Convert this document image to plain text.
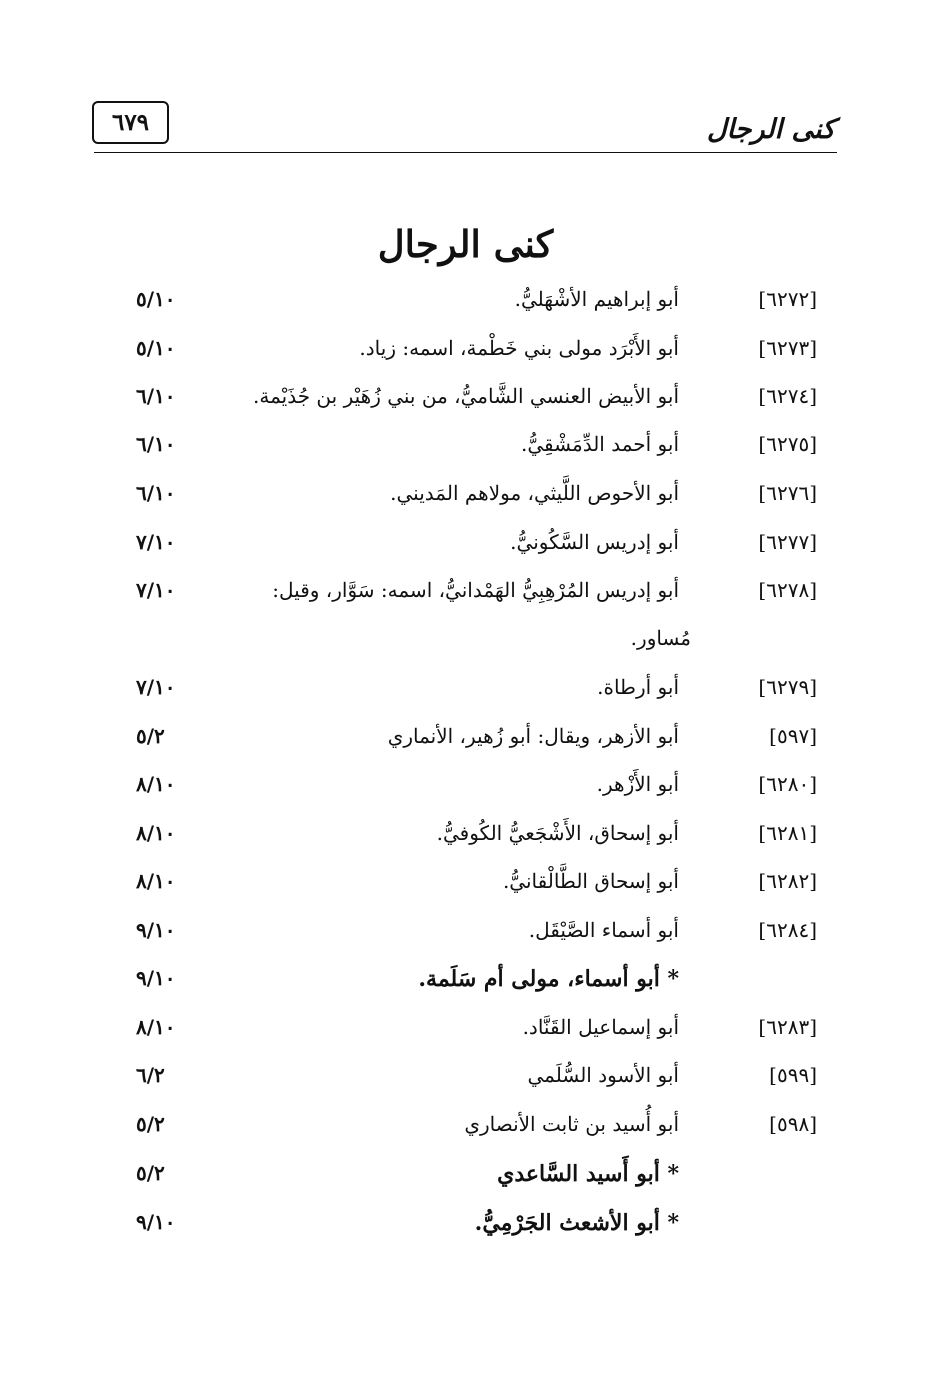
كنى الرجال
٦٧٩
كنى الرجال
[٦٢٧٢]
أبو إبراهيم الأشْهَليُّ.
٥/١٠
[٦٢٧٣]
أبو الأَبْرَد مولى بني خَطْمة، اسمه: زياد.
٥/١٠
[٦٢٧٤]
أبو الأبيض العنسي الشَّاميُّ، من بني زُهَيْر بن جُذَيْمة.
٦/١٠
[٦٢٧٥]
أبو أحمد الدِّمَشْقِيُّ.
٦/١٠
[٦٢٧٦]
أبو الأحوص اللَّيثي، مولاهم المَديني.
٦/١٠
[٦٢٧٧]
أبو إدريس السَّكُونيُّ.
٧/١٠
[٦٢٧٨]
أبو إدريس المُرْهِبِيُّ الهَمْدانيُّ، اسمه: سَوَّار، وقيل:
٧/١٠
مُساور.
[٦٢٧٩]
أبو أرطاة.
٧/١٠
[٥٩٧]
أبو الأزهر، ويقال: أبو زُهير، الأنماري
٥/٢
[٦٢٨٠]
أبو الأَزْهر.
٨/١٠
[٦٢٨١]
أبو إسحاق، الأَشْجَعيُّ الكُوفيُّ.
٨/١٠
[٦٢٨٢]
أبو إسحاق الطَّالْقانيُّ.
٨/١٠
[٦٢٨٤]
أبو أسماء الصَّيْقَل.
٩/١٠
* أبو أسماء، مولى أم سَلَمة.
٩/١٠
[٦٢٨٣]
أبو إسماعيل القَنَّاد.
٨/١٠
[٥٩٩]
أبو الأسود السُّلَمي
٦/٢
[٥٩٨]
أبو أُسيد بن ثابت الأنصاري
٥/٢
* أبو أَسيد السَّاعدي
٥/٢
* أبو الأشعث الجَرْمِيُّ.
٩/١٠
